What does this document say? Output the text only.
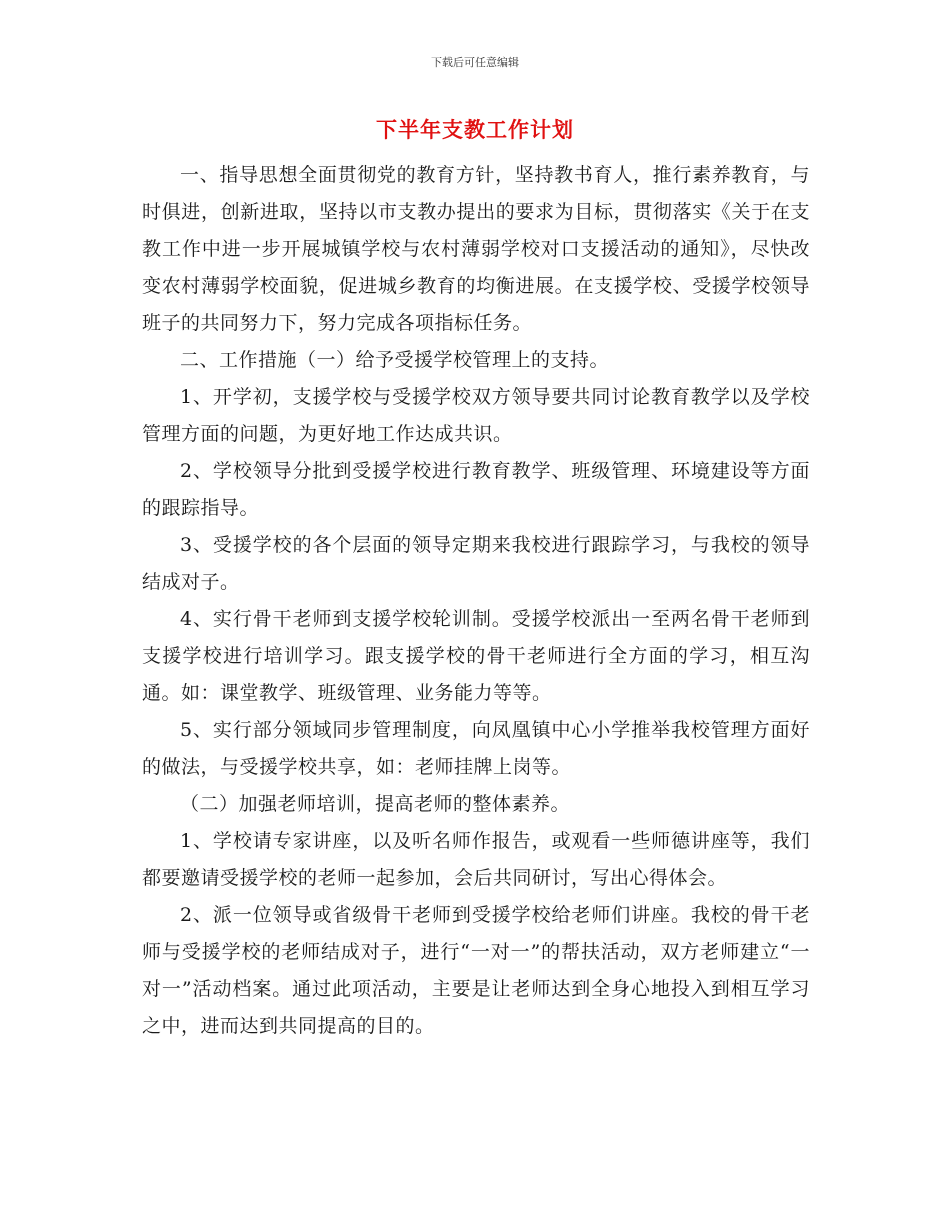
下载后可任意编辑
下半年支教工作计划

一、指导思想全面贯彻党的教育方针，坚持教书育人，推行素养教育，与时俱进，创新进取，坚持以市支教办提出的要求为目标，贯彻落实《关于在支教工作中进一步开展城镇学校与农村薄弱学校对口支援活动的通知》，尽快改变农村薄弱学校面貌，促进城乡教育的均衡进展。在支援学校、受援学校领导班子的共同努力下，努力完成各项指标任务。

二、工作措施（一）给予受援学校管理上的支持。

1、开学初，支援学校与受援学校双方领导要共同讨论教育教学以及学校管理方面的问题，为更好地工作达成共识。

2、学校领导分批到受援学校进行教育教学、班级管理、环境建设等方面的跟踪指导。

3、受援学校的各个层面的领导定期来我校进行跟踪学习，与我校的领导结成对子。

4、实行骨干老师到支援学校轮训制。受援学校派出一至两名骨干老师到支援学校进行培训学习。跟支援学校的骨干老师进行全方面的学习，相互沟通。如：课堂教学、班级管理、业务能力等等。

5、实行部分领域同步管理制度，向凤凰镇中心小学推举我校管理方面好的做法，与受援学校共享，如：老师挂牌上岗等。

（二）加强老师培训，提高老师的整体素养。

1、学校请专家讲座，以及听名师作报告，或观看一些师德讲座等，我们都要邀请受援学校的老师一起参加，会后共同研讨，写出心得体会。

2、派一位领导或省级骨干老师到受援学校给老师们讲座。我校的骨干老师与受援学校的老师结成对子，进行“一对一”的帮扶活动，双方老师建立“一对一”活动档案。通过此项活动，主要是让老师达到全身心地投入到相互学习之中，进而达到共同提高的目的。
